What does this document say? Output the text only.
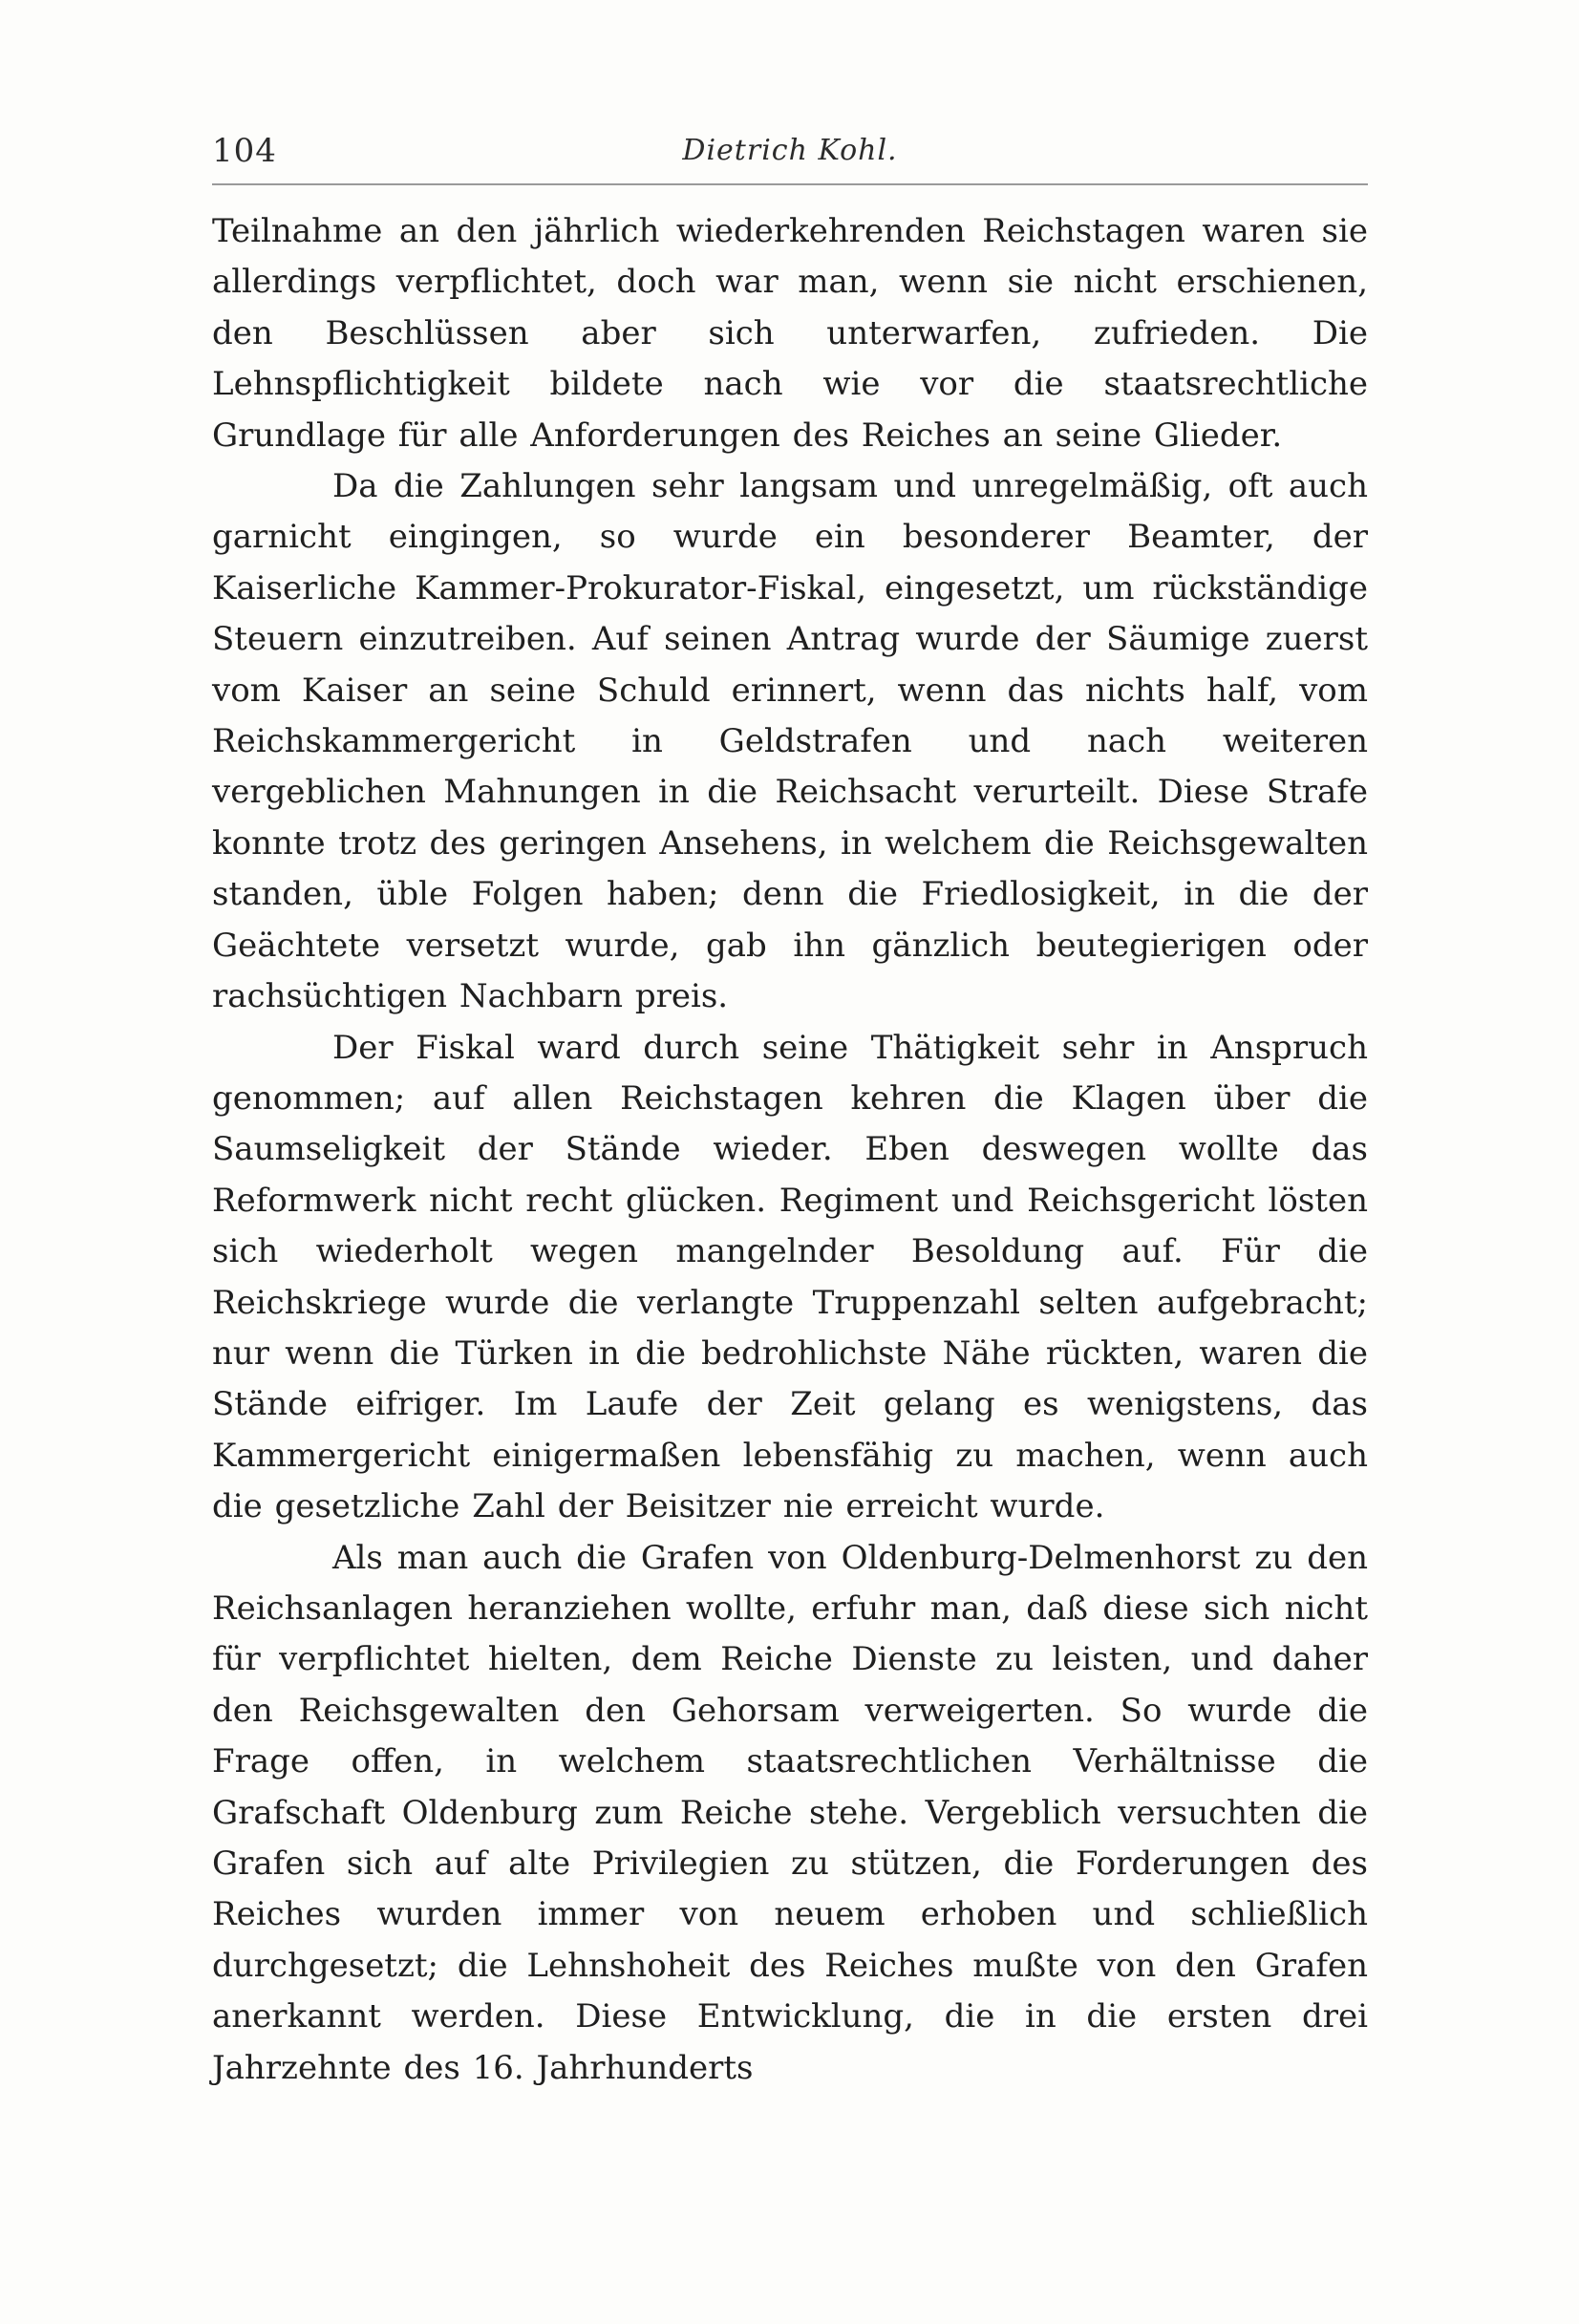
104	Dietrich Kohl.

Teilnahme an den jährlich wiederkehrenden Reichstagen waren sie allerdings verpflichtet, doch war man, wenn sie nicht erschienen, den Beschlüssen aber sich unterwarfen, zufrieden. Die Lehnspflichtigkeit bildete nach wie vor die staatsrechtliche Grundlage für alle Anforderungen des Reiches an seine Glieder.

Da die Zahlungen sehr langsam und unregelmäßig, oft auch garnicht eingingen, so wurde ein besonderer Beamter, der Kaiserliche Kammer-Prokurator-Fiskal, eingesetzt, um rückständige Steuern einzutreiben. Auf seinen Antrag wurde der Säumige zuerst vom Kaiser an seine Schuld erinnert, wenn das nichts half, vom Reichskammergericht in Geldstrafen und nach weiteren vergeblichen Mahnungen in die Reichsacht verurteilt. Diese Strafe konnte trotz des geringen Ansehens, in welchem die Reichsgewalten standen, üble Folgen haben; denn die Friedlosigkeit, in die der Geächtete versetzt wurde, gab ihn gänzlich beutegierigen oder rachsüchtigen Nachbarn preis.

Der Fiskal ward durch seine Thätigkeit sehr in Anspruch genommen; auf allen Reichstagen kehren die Klagen über die Saumseligkeit der Stände wieder. Eben deswegen wollte das Reformwerk nicht recht glücken. Regiment und Reichsgericht lösten sich wiederholt wegen mangelnder Besoldung auf. Für die Reichskriege wurde die verlangte Truppenzahl selten aufgebracht; nur wenn die Türken in die bedrohlichste Nähe rückten, waren die Stände eifriger. Im Laufe der Zeit gelang es wenigstens, das Kammergericht einigermaßen lebensfähig zu machen, wenn auch die gesetzliche Zahl der Beisitzer nie erreicht wurde.

Als man auch die Grafen von Oldenburg-Delmenhorst zu den Reichsanlagen heranziehen wollte, erfuhr man, daß diese sich nicht für verpflichtet hielten, dem Reiche Dienste zu leisten, und daher den Reichsgewalten den Gehorsam verweigerten. So wurde die Frage offen, in welchem staatsrechtlichen Verhältnisse die Grafschaft Oldenburg zum Reiche stehe. Vergeblich versuchten die Grafen sich auf alte Privilegien zu stützen, die Forderungen des Reiches wurden immer von neuem erhoben und schließlich durchgesetzt; die Lehnshoheit des Reiches mußte von den Grafen anerkannt werden. Diese Entwicklung, die in die ersten drei Jahrzehnte des 16. Jahrhunderts
